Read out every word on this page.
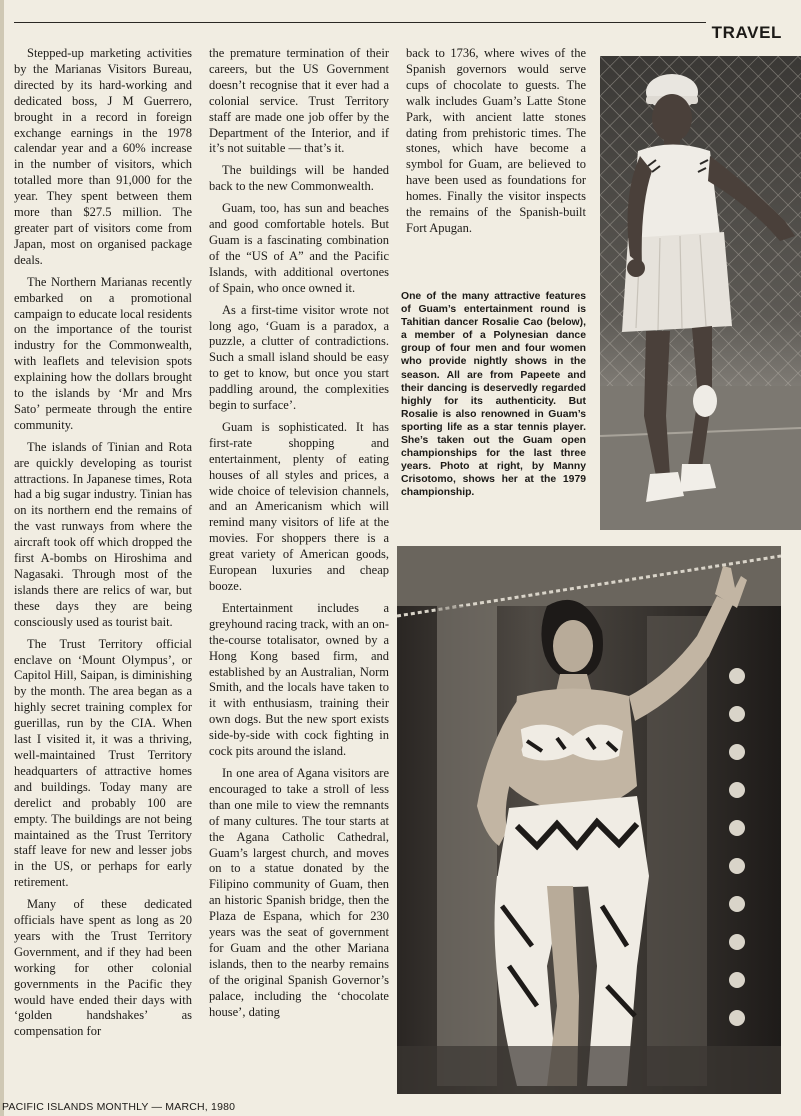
TRAVEL

Stepped-up marketing activities by the Marianas Visitors Bureau, directed by its hard-working and dedicated boss, J M Guerrero, brought in a record in foreign exchange earnings in the 1978 calendar year and a 60% increase in the number of visitors, which totalled more than 91,000 for the year. They spent between them more than $27.5 million. The greater part of visitors come from Japan, most on organised package deals.

The Northern Marianas recently embarked on a promotional campaign to educate local residents on the importance of the tourist industry for the Commonwealth, with leaflets and television spots explaining how the dollars brought to the islands by ‘Mr and Mrs Sato’ permeate through the entire community.

The islands of Tinian and Rota are quickly developing as tourist attractions. In Japanese times, Rota had a big sugar industry. Tinian has on its northern end the remains of the vast runways from where the aircraft took off which dropped the first A-bombs on Hiroshima and Nagasaki. Through most of the islands there are relics of war, but these days they are being consciously used as tourist bait.

The Trust Territory official enclave on ‘Mount Olympus’, or Capitol Hill, Saipan, is diminishing by the month. The area began as a highly secret training complex for guerillas, run by the CIA. When last I visited it, it was a thriving, well-maintained Trust Territory headquarters of attractive homes and buildings. Today many are derelict and probably 100 are empty. The buildings are not being maintained as the Trust Territory staff leave for new and lesser jobs in the US, or perhaps for early retirement.

Many of these dedicated officials have spent as long as 20 years with the Trust Territory Government, and if they had been working for other colonial governments in the Pacific they would have ended their days with ‘golden handshakes’ as compensation for

the premature termination of their careers, but the US Government doesn’t recognise that it ever had a colonial service. Trust Territory staff are made one job offer by the Department of the Interior, and if it’s not suitable — that’s it.

The buildings will be handed back to the new Commonwealth.

Guam, too, has sun and beaches and good comfortable hotels. But Guam is a fascinating combination of the “US of A” and the Pacific Islands, with additional overtones of Spain, who once owned it.

As a first-time visitor wrote not long ago, ‘Guam is a paradox, a puzzle, a clutter of contradictions. Such a small island should be easy to get to know, but once you start paddling around, the complexities begin to surface’.

Guam is sophisticated. It has first-rate shopping and entertainment, plenty of eating houses of all styles and prices, a wide choice of television channels, and an Americanism which will remind many visitors of life at the movies. For shoppers there is a great variety of American goods, European luxuries and cheap booze.

Entertainment includes a greyhound racing track, with an on-the-course totalisator, owned by a Hong Kong based firm, and established by an Australian, Norm Smith, and the locals have taken to it with enthusiasm, training their own dogs. But the new sport exists side-by-side with cock fighting in cock pits around the island.

In one area of Agana visitors are encouraged to take a stroll of less than one mile to view the remnants of many cultures. The tour starts at the Agana Catholic Cathedral, Guam’s largest church, and moves on to a statue donated by the Filipino community of Guam, then an historic Spanish bridge, then the Plaza de Espana, which for 230 years was the seat of government for Guam and the other Mariana islands, then to the nearby remains of the original Spanish Governor’s palace, including the ‘chocolate house’, dating

back to 1736, where wives of the Spanish governors would serve cups of chocolate to guests. The walk includes Guam’s Latte Stone Park, with ancient latte stones dating from prehistoric times. The stones, which have become a symbol for Guam, are believed to have been used as foundations for homes. Finally the visitor inspects the remains of the Spanish-built Fort Apugan.

One of the many attractive features of Guam’s entertainment round is Tahitian dancer Rosalie Cao (below), a member of a Polynesian dance group of four men and four women who provide nightly shows in the season. All are from Papeete and their dancing is deservedly regarded highly for its authenticity. But Rosalie is also renowned in Guam’s sporting life as a star tennis player. She’s taken out the Guam open championships for the last three years. Photo at right, by Manny Crisotomo, shows her at the 1979 championship.
PACIFIC ISLANDS MONTHLY — MARCH, 1980
